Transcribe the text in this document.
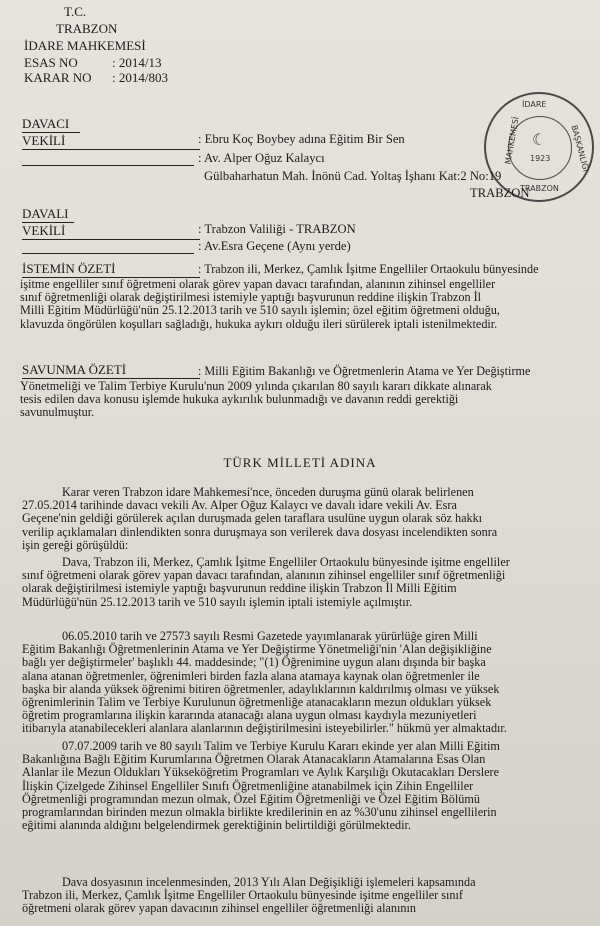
T.C.
TRABZON
İDARE MAHKEMESİ
ESAS NO	: 2014/13
KARAR NO : 2014/803
İDARE
MAHKEMESİ
TRABZON
BAŞKANLIĞI
1923
☾
DAVACI
VEKİLİ	: Ebru Koç Boybey adına Eğitim Bir Sen
: Av. Alper Oğuz Kalaycı
Gülbaharhatun Mah. İnönü Cad. Yoltaş İşhanı Kat:2 No:19
TRABZON
DAVALI
VEKİLİ	: Trabzon Valiliği - TRABZON
: Av.Esra Geçene (Aynı yerde)
İSTEMİN ÖZETİ	: Trabzon ili, Merkez, Çamlık İşitme Engelliler Ortaokulu bünyesinde
işitme engelliler sınıf öğretmeni olarak görev yapan davacı tarafından, alanının zihinsel engelliler
sınıf öğretmenliği olarak değiştirilmesi istemiyle yaptığı başvurunun reddine ilişkin Trabzon İl
Milli Eğitim Müdürlüğü'nün 25.12.2013 tarih ve 510 sayılı işlemin; özel eğitim öğretmeni olduğu,
klavuzda öngörülen koşulları sağladığı, hukuka aykırı olduğu ileri sürülerek iptali istenilmektedir.
SAVUNMA ÖZETİ	: Milli Eğitim Bakanlığı ve Öğretmenlerin Atama ve Yer Değiştirme
Yönetmeliği ve Talim Terbiye Kurulu'nun 2009 yılında çıkarılan 80 sayılı kararı dikkate alınarak
tesis edilen dava konusu işlemde hukuka aykırılık bulunmadığı ve davanın reddi gerektiği
savunulmuştur.
TÜRK MİLLETİ ADINA
Karar veren Trabzon idare Mahkemesi'nce, önceden duruşma günü olarak belirlenen
27.05.2014 tarihinde davacı vekili Av. Alper Oğuz Kalaycı ve davalı idare vekili Av. Esra
Geçene'nin geldiği görülerek açılan duruşmada gelen taraflara usulüne uygun olarak söz hakkı
verilip açıklamaları dinlendikten sonra duruşmaya son verilerek dava dosyası incelendikten sonra
işin gereği görüşüldü:
Dava, Trabzon ili, Merkez, Çamlık İşitme Engelliler Ortaokulu bünyesinde işitme engelliler
sınıf öğretmeni olarak görev yapan davacı tarafından, alanının zihinsel engelliler sınıf öğretmenliği
olarak değiştirilmesi istemiyle yaptığı başvurunun reddine ilişkin Trabzon İl Milli Eğitim
Müdürlüğü'nün 25.12.2013 tarih ve 510 sayılı işlemin iptali istemiyle açılmıştır.
06.05.2010 tarih ve 27573 sayılı Resmi Gazetede yayımlanarak yürürlüğe giren Milli
Eğitim Bakanlığı Öğretmenlerinin Atama ve Yer Değiştirme Yönetmeliği'nin 'Alan değişikliğine
bağlı yer değiştirmeler' başlıklı 44. maddesinde; "(1) Öğrenimine uygun alanı dışında bir başka
alana atanan öğretmenler, öğrenimleri birden fazla alana atamaya kaynak olan öğretmenler ile
başka bir alanda yüksek öğrenimi bitiren öğretmenler, adaylıklarının kaldırılmış olması ve yüksek
öğrenimlerinin Talim ve Terbiye Kurulunun öğretmenliğe atanacakların mezun oldukları yüksek
öğretim programlarına ilişkin kararında atanacağı alana uygun olması kaydıyla mezuniyetleri
itibarıyla atanabilecekleri alanlara alanlarının değiştirilmesini isteyebilirler." hükmü yer almaktadır.
07.07.2009 tarih ve 80 sayılı Talim ve Terbiye Kurulu Kararı ekinde yer alan Milli Eğitim
Bakanlığına Bağlı Eğitim Kurumlarına Öğretmen Olarak Atanacakların Atamalarına Esas Olan
Alanlar ile Mezun Oldukları Yükseköğretim Programları ve Aylık Karşılığı Okutacakları Derslere
İlişkin Çizelgede Zihinsel Engelliler Sınıfı Öğretmenliğine atanabilmek için Zihin Engelliler
Öğretmenliği programından mezun olmak, Özel Eğitim Öğretmenliği ve Özel Eğitim Bölümü
programlarından birinden mezun olmakla birlikte kredilerinin en az %30'unu zihinsel engellilerin
eğitimi alanında aldığını belgelendirmek gerektiğinin belirtildiği görülmektedir.
Dava dosyasının incelenmesinden, 2013 Yılı Alan Değişikliği işlemeleri kapsamında
Trabzon ili, Merkez, Çamlık İşitme Engelliler Ortaokulu bünyesinde işitme engelliler sınıf
öğretmeni olarak görev yapan davacının zihinsel engelliler öğretmenliği alanının
